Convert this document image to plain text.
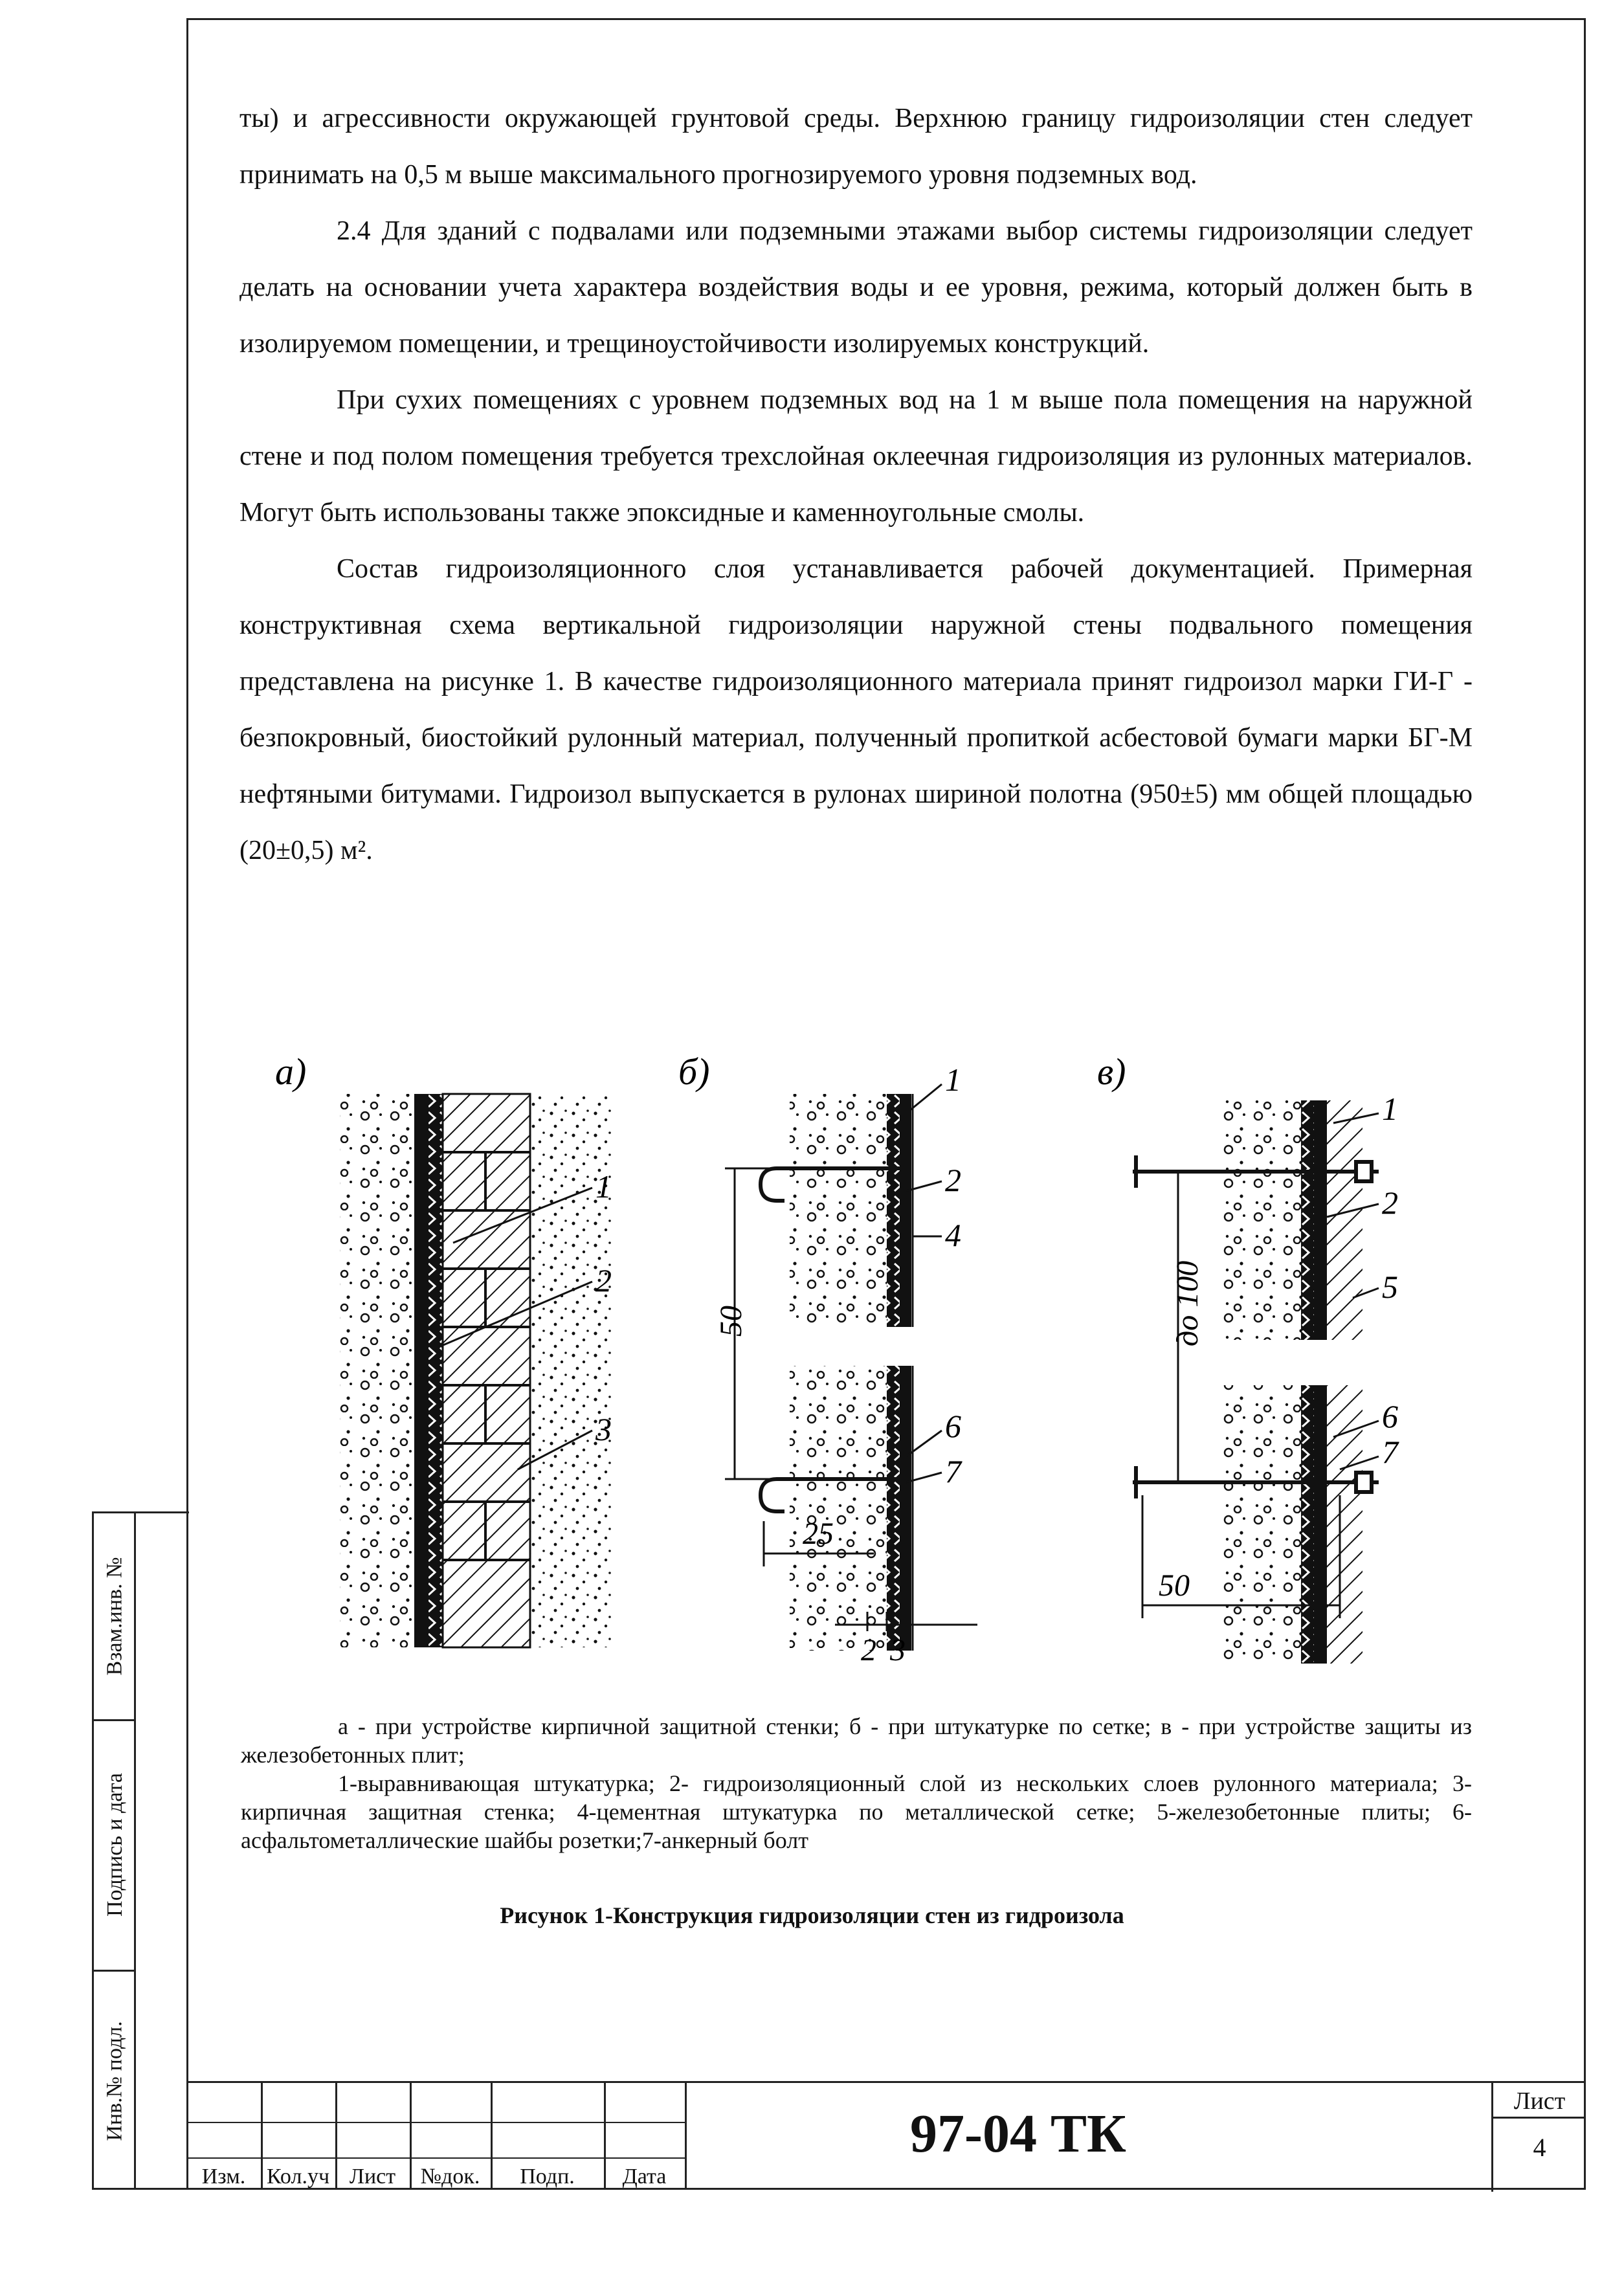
Взам.инв. №
Подпись и дата
Инв.№ подл.

ты) и агрессивности окружающей грунтовой среды. Верхнюю границу гидроизоляции стен следует принимать на 0,5 м выше максимального прогнозируемого уровня подземных вод.

2.4 Для зданий с подвалами или подземными этажами выбор системы гидроизоляции следует делать на основании учета характера воздействия воды и ее уровня, режима, который должен быть в изолируемом помещении, и трещиноустойчивости изолируемых конструкций.

При сухих помещениях с уровнем подземных вод на 1 м выше пола помещения на наружной стене и под полом помещения требуется трехслойная оклеечная гидроизоляция из рулонных материалов. Могут быть использованы также эпоксидные и каменноугольные смолы.

Состав гидроизоляционного слоя устанавливается рабочей документацией. Примерная конструктивная схема вертикальной гидроизоляции наружной стены подвального помещения представлена на рисунке 1. В качестве гидроизоляционного материала принят гидроизол марки ГИ-Г - безпокровный, биостойкий рулонный материал, полученный пропиткой асбестовой бумаги марки БГ-М нефтяными битумами. Гидроизол выпускается в рулонах шириной полотна (950±5) мм общей площадью (20±0,5) м².

а)
1
2
3
б)
50
25
2 3
1
2
4
6
7
в)
до 100
50
1
2
5
6
7

а - при устройстве кирпичной защитной стенки; б - при штукатурке по сетке; в - при устройстве защиты из железобетонных плит;

1-выравнивающая штукатурка; 2- гидроизоляционный слой из нескольких слоев рулонного материала; 3-кирпичная защитная стенка; 4-цементная штукатурка по металлической сетке; 5-железобетонные плиты; 6-асфальтометаллические шайбы розетки;7-анкерный болт

Рисунок 1-Конструкция гидроизоляции стен из гидроизола
Изм. Кол.уч Лист	№док.	Подп.	Дата
97-04 ТК
Лист
4
